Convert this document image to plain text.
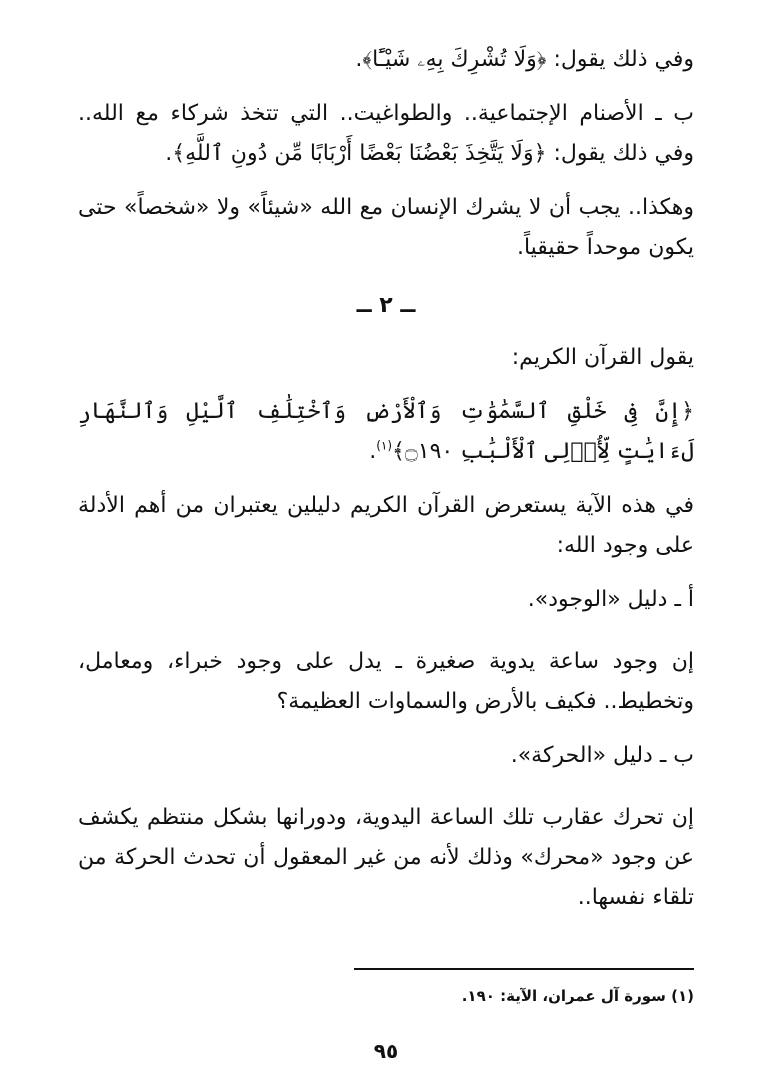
وفي ذلك يقول: ﴿وَلَا تُشْرِكَ بِهِۦ شَيْـًٔا﴾.

ب ـ الأصنام الإجتماعية.. والطواغيت.. التي تتخذ شركاء مع الله.. وفي ذلك يقول: ﴿وَلَا يَتَّخِذَ بَعْضُنَا بَعْضًا أَرْبَابًا مِّن دُونِ ٱللَّهِ﴾.

وهكذا.. يجب أن لا يشرك الإنسان مع الله «شيئاً» ولا «شخصاً» حتى يكون موحداً حقيقياً.

ــ ٢ ــ

يقول القرآن الكريم:

﴿إِنَّ فِى خَلْقِ ٱلسَّمَٰوَٰتِ وَٱلْأَرْضِ وَٱخْتِلَٰفِ ٱلَّيْلِ وَٱلنَّهَارِ لَءَايَٰتٍ لِّأُو۟لِى ٱلْأَلْبَٰبِ ۝١٩٠﴾$^{(١)}$.

في هذه الآية يستعرض القرآن الكريم دليلين يعتبران من أهم الأدلة على وجود الله:

أ ـ دليل «الوجود».

إن وجود ساعة يدوية صغيرة ـ يدل على وجود خبراء، ومعامل، وتخطيط.. فكيف بالأرض والسماوات العظيمة؟

ب ـ دليل «الحركة».

إن تحرك عقارب تلك الساعة اليدوية، ودورانها بشكل منتظم يكشف عن وجود «محرك» وذلك لأنه من غير المعقول أن تحدث الحركة من تلقاء نفسها..

(١) سورة آل عمران، الآية: ١٩٠.

٩٥
